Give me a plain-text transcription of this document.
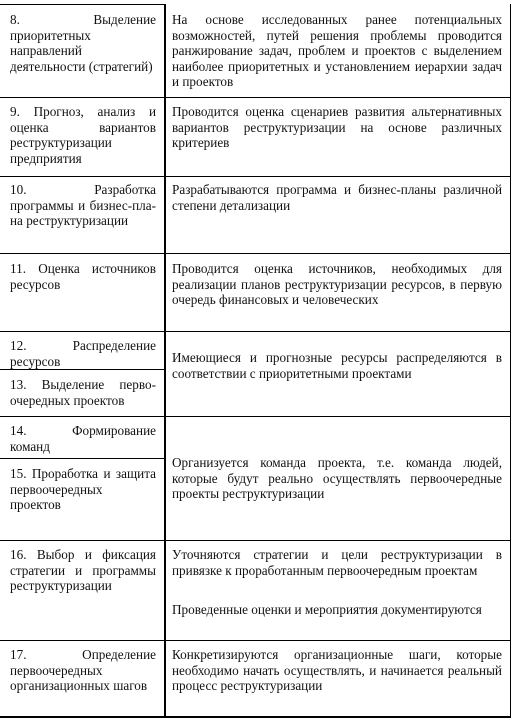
8. Выделение приоритетных направлений деятельности (стратегий)

На основе исследованных ранее потенциальных возможностей, путей решения проблемы проводится ранжирование задач, проблем и проектов с выделением наиболее приоритетных и установлением иерархии задач и проектов

9. Прогноз, анализ и оценка вариантов реструктуризации предприятия

Проводится оценка сценариев развития альтернативных вариантов реструктуризации на основе различных критериев

10. Разработка программы и бизнес-пла-на реструктуризации

Разрабатываются программа и бизнес-планы различной степени детализации

11. Оценка источников ресурсов

Проводится оценка источников, необходимых для реализации планов реструктуризации ресурсов, в первую очередь финансовых и человеческих

12. Распределение ресурсов

13. Выделение перво-очередных проектов

Имеющиеся и прогнозные ресурсы распределяются в соответствии с приоритетными проектами

14. Формирование команд

15. Проработка и защита первоочередных проектов

Организуется команда проекта, т.е. команда людей, которые будут реально осуществлять первоочередные проекты реструктуризации

16. Выбор и фиксация стратегии и программы реструктуризации

Уточняются стратегии и цели реструктуризации в привязке к проработанным первоочередным проектам

Проведенные оценки и мероприятия документируются

17. Определение первоочередных организационных шагов

Конкретизируются организационные шаги, которые необходимо начать осуществлять, и начинается реальный процесс реструктуризации
